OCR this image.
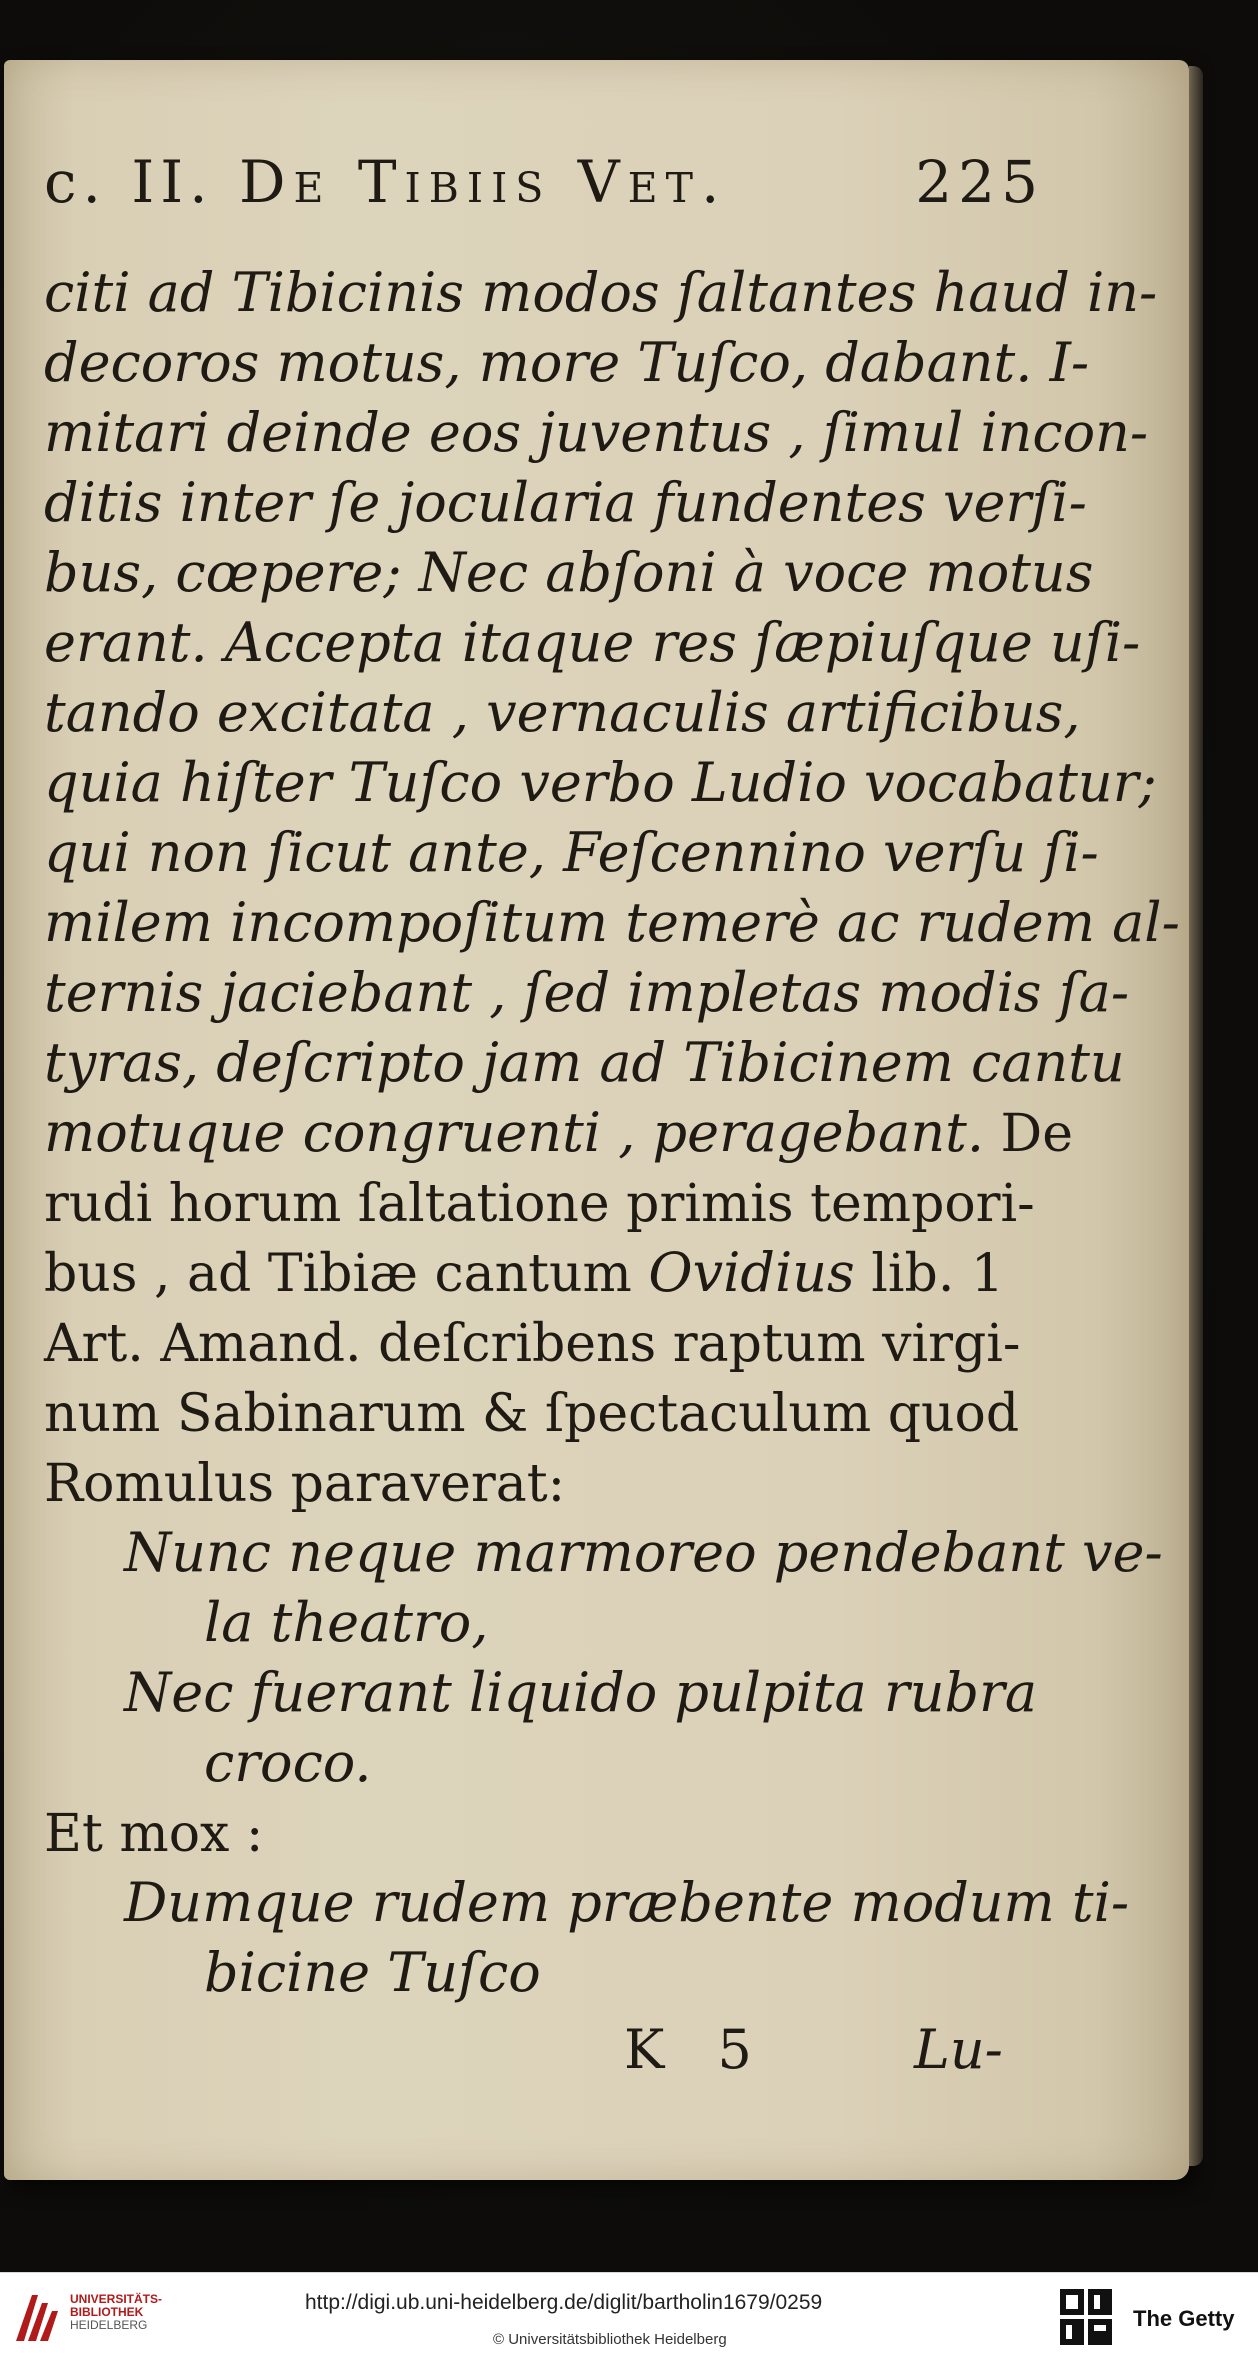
c. II. De Tibiis Vet.	225
citi ad Tibicinis modos ſaltantes haud in-
decoros motus, more Tuſco, dabant. I-
mitari deinde eos juventus , ſimul incon-
ditis inter ſe jocularia fundentes verſi-
bus, cœpere; Nec abſoni à voce motus
erant. Accepta itaque res ſæpiuſque uſi-
tando excitata , vernaculis artificibus,
quia hiſter Tuſco verbo Ludio vocabatur;
qui non ſicut ante, Feſcennino verſu ſi-
milem incompoſitum temerè ac rudem al-
ternis jaciebant , ſed impletas modis ſa-
tyras, deſcripto jam ad Tibicinem cantu
motuque congruenti , peragebant. De
rudi horum ſaltatione primis tempori-
bus , ad Tibiæ cantum Ovidius lib. 1
Art. Amand. deſcribens raptum virgi-
num Sabinarum & ſpectaculum quod
Romulus paraverat:
Nunc neque marmoreo pendebant ve-
la theatro,
Nec fuerant liquido pulpita rubra
croco.
Et mox :
Dumque rudem præbente modum ti-
bicine Tuſco
K 5	Lu-
UNIVERSITÄTS-
BIBLIOTHEK
HEIDELBERG
http://digi.ub.uni-heidelberg.de/diglit/bartholin1679/0259
© Universitätsbibliothek Heidelberg
The Getty
